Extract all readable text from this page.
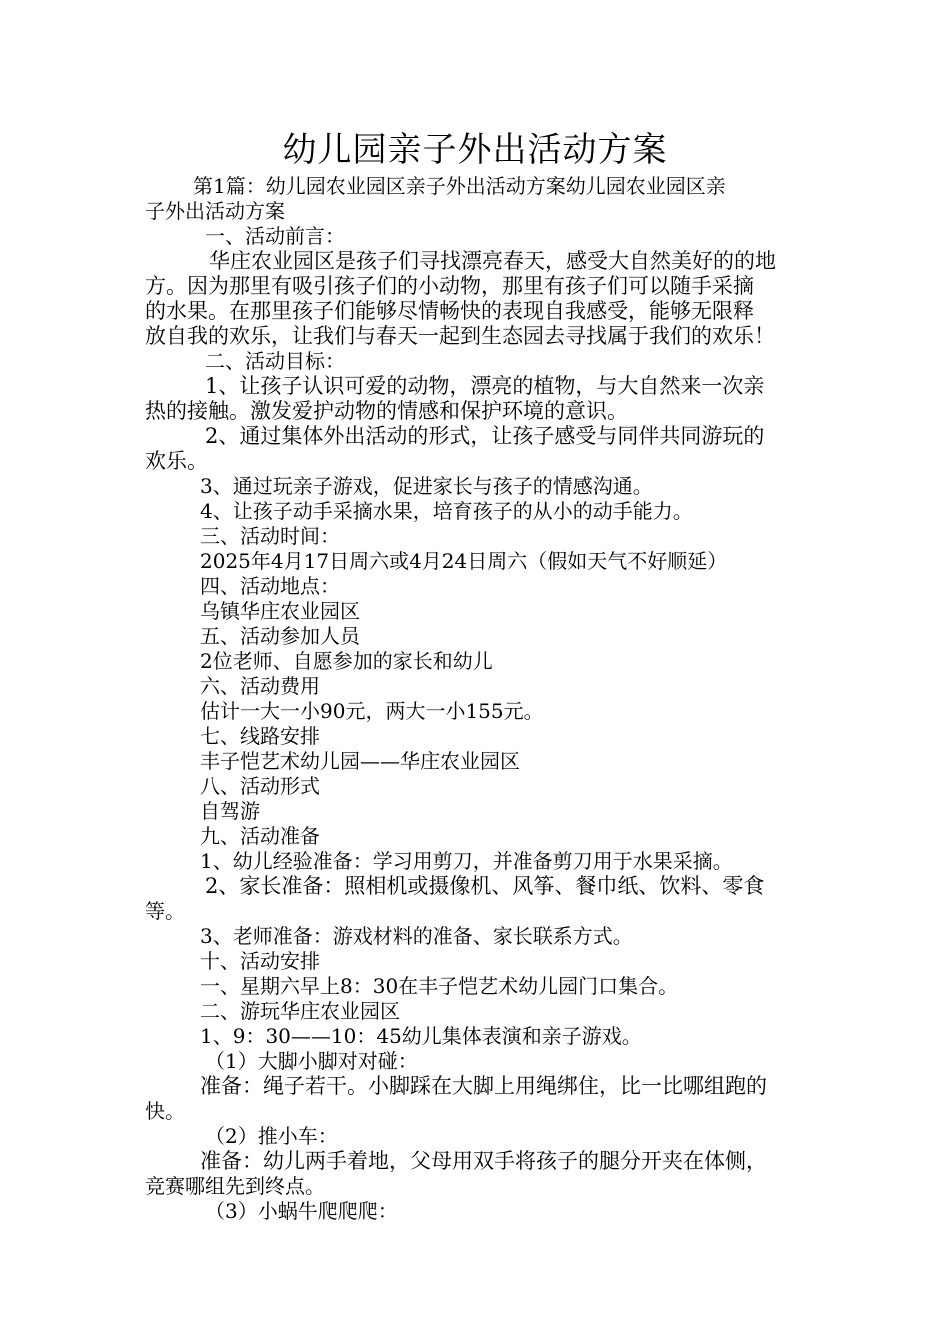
幼儿园亲子外出活动方案

第1篇：幼儿园农业园区亲子外出活动方案幼儿园农业园区亲

子外出活动方案

一、活动前言：

华庄农业园区是孩子们寻找漂亮春天，感受大自然美好的的地

方。因为那里有吸引孩子们的小动物，那里有孩子们可以随手采摘

的水果。在那里孩子们能够尽情畅快的表现自我感受，能够无限释

放自我的欢乐，让我们与春天一起到生态园去寻找属于我们的欢乐！

二、活动目标：

1、让孩子认识可爱的动物，漂亮的植物，与大自然来一次亲

热的接触。激发爱护动物的情感和保护环境的意识。

2、通过集体外出活动的形式，让孩子感受与同伴共同游玩的

欢乐。

3、通过玩亲子游戏，促进家长与孩子的情感沟通。

4、让孩子动手采摘水果，培育孩子的从小的动手能力。

三、活动时间：

2025年4月17日周六或4月24日周六（假如天气不好顺延）

四、活动地点：

乌镇华庄农业园区

五、活动参加人员

2位老师、自愿参加的家长和幼儿

六、活动费用

估计一大一小90元，两大一小155元。

七、线路安排

丰子恺艺术幼儿园——华庄农业园区

八、活动形式

自驾游

九、活动准备

1、幼儿经验准备：学习用剪刀，并准备剪刀用于水果采摘。

2、家长准备：照相机或摄像机、风筝、餐巾纸、饮料、零食

等。

3、老师准备：游戏材料的准备、家长联系方式。

十、活动安排

一、星期六早上8：30在丰子恺艺术幼儿园门口集合。

二、游玩华庄农业园区

1、9：30——10：45幼儿集体表演和亲子游戏。

（1）大脚小脚对对碰：

准备：绳子若干。小脚踩在大脚上用绳绑住，比一比哪组跑的

快。

（2）推小车：

准备：幼儿两手着地，父母用双手将孩子的腿分开夹在体侧，

竞赛哪组先到终点。

（3）小蜗牛爬爬爬：
